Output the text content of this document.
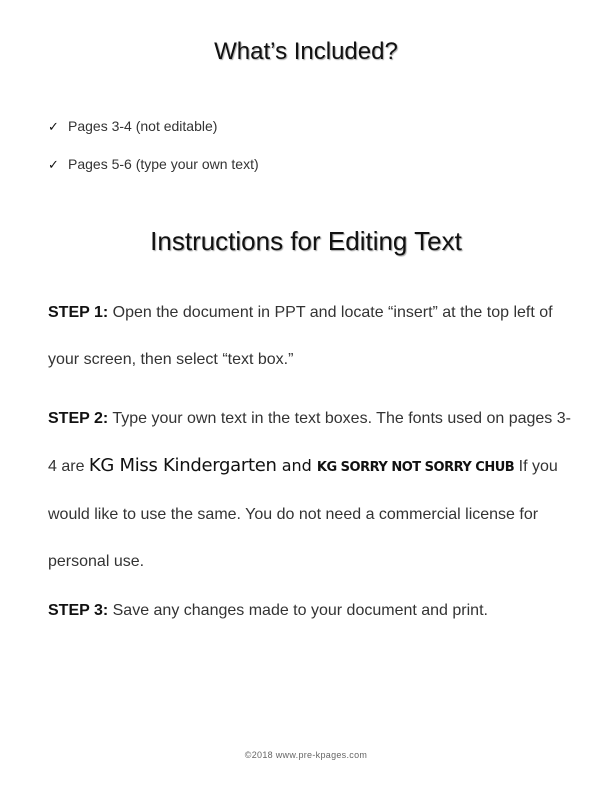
What’s Included?
✓ Pages 3-4 (not editable)
✓ Pages 5-6 (type your own text)
Instructions for Editing Text
STEP 1: Open the document in PPT and locate “insert” at the top left of your screen, then select “text box.”
STEP 2: Type your own text in the text boxes. The fonts used on pages 3-4 are KG Miss Kindergarten and KG SORRY NOT SORRY CHUB If you would like to use the same. You do not need a commercial license for personal use.
STEP 3: Save any changes made to your document and print.
©2018 www.pre-kpages.com
